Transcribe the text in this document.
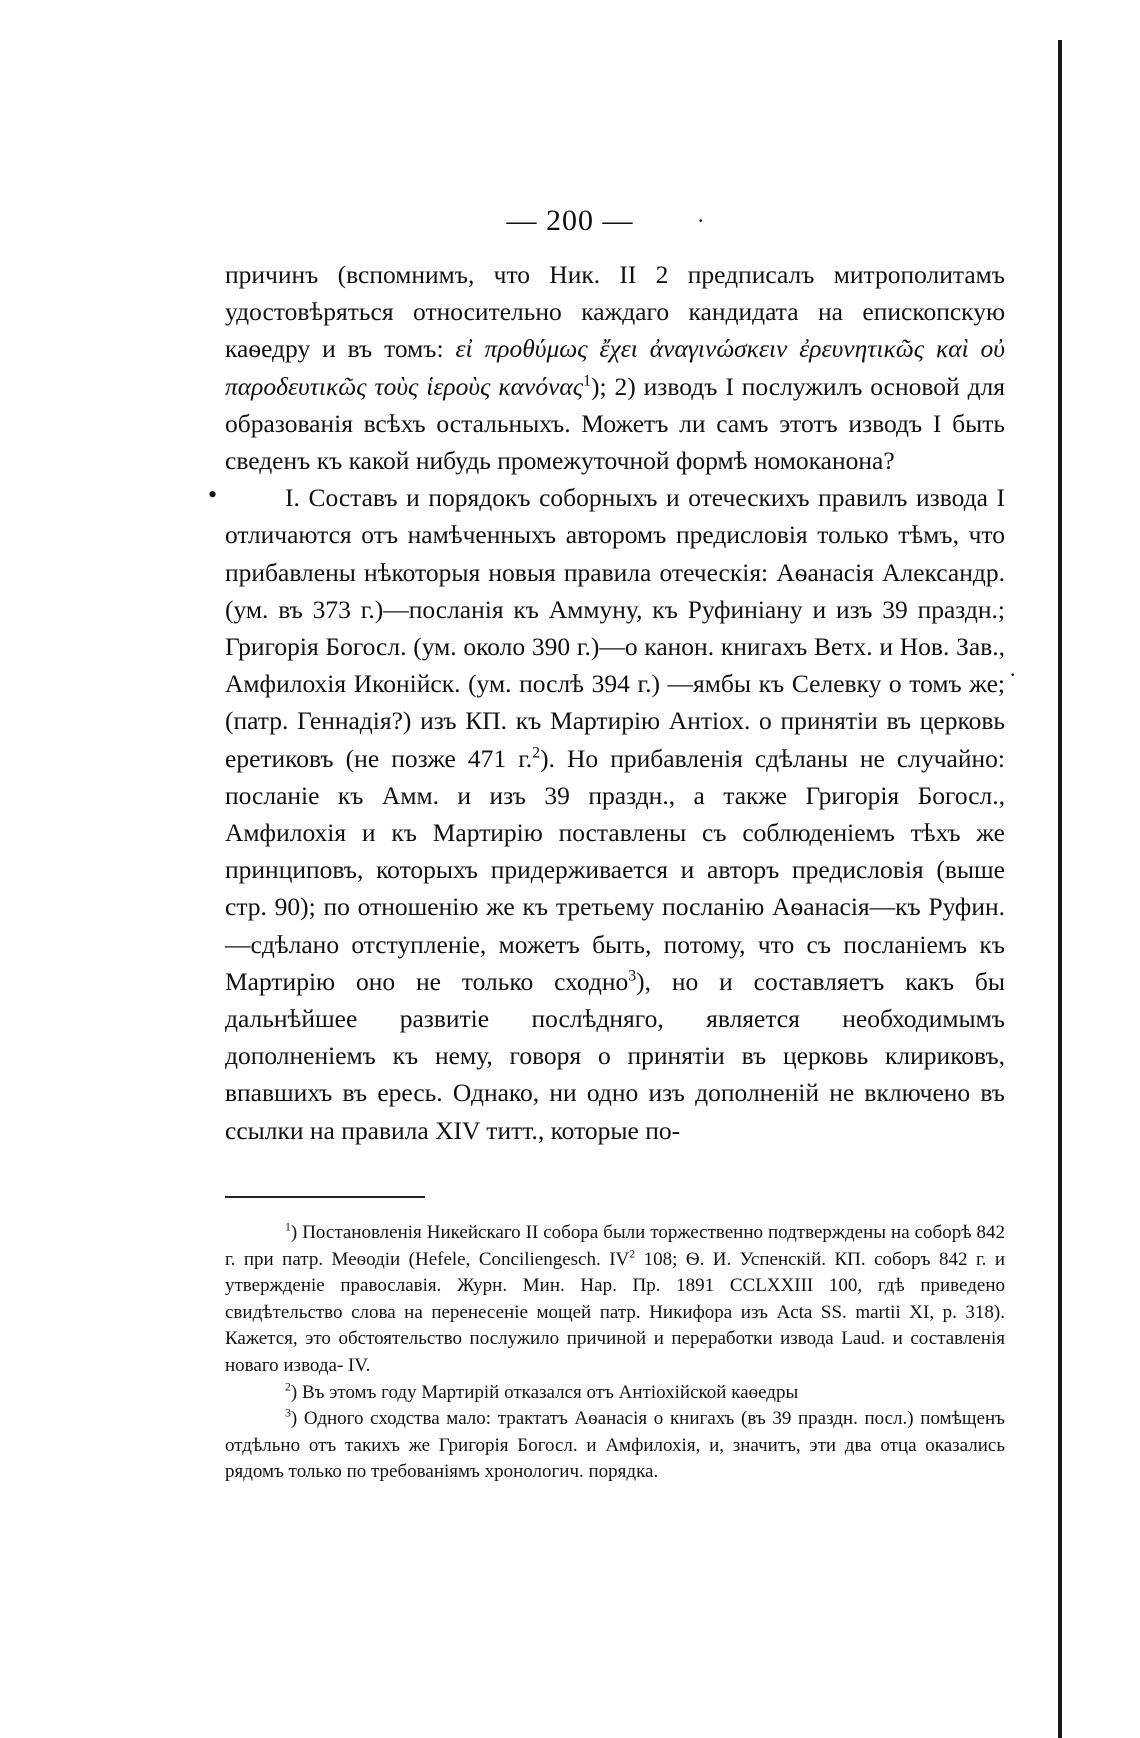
— 200 —	.
•
.

причинъ (вспомнимъ, что Ник. II 2 предписалъ митрополитамъ удостовѣряться относительно каждаго кандидата на епископскую каѳедру и въ томъ: εἰ προθύμως ἔχει ἀναγινώσκειν ἐρευνητικῶς καὶ οὐ παροδευτικῶς τοὺς ἱεροὺς κανόνας$^1$); 2) изводъ I послужилъ основой для образованія всѣхъ остальныхъ. Можетъ ли самъ этотъ изводъ I быть сведенъ къ какой нибудь промежуточной формѣ номоканона?

I. Составъ и порядокъ соборныхъ и отеческихъ правилъ извода I отличаются отъ намѣченныхъ авторомъ предисловія только тѣмъ, что прибавлены нѣкоторыя новыя правила отеческія: Аѳанасія Александр. (ум. въ 373 г.)—посланія къ Аммуну, къ Руфиніану и изъ 39 праздн.; Григорія Богосл. (ум. около 390 г.)—о канон. книгахъ Ветх. и Нов. Зав., Амфилохія Иконійск. (ум. послѣ 394 г.) —ямбы къ Селевку о томъ же; (патр. Геннадія?) изъ КП. къ Мартирію Антіох. о принятіи въ церковь еретиковъ (не позже 471 г.$^2$). Но прибавленія сдѣланы не случайно: посланіе къ Амм. и изъ 39 праздн., а также Григорія Богосл., Амфилохія и къ Мартирію поставлены съ соблюденіемъ тѣхъ же принциповъ, которыхъ придерживается и авторъ предисловія (выше стр. 90); по отношенію же къ третьему посланію Аѳанасія—къ Руфин.—сдѣлано отступленіе, можетъ быть, потому, что съ посланіемъ къ Мартирію оно не только сходно$^3$), но и составляетъ какъ бы дальнѣйшее развитіе послѣдняго, является необходимымъ дополненіемъ къ нему, говоря о принятіи въ церковь клириковъ, впавшихъ въ ересь. Однако, ни одно изъ дополненій не включено въ ссылки на правила XIV титт., которые по-

$^1$) Постановленія Никейскаго II собора были торжественно подтверждены на соборѣ 842 г. при патр. Меѳодіи (Hefele, Conciliengesch. $IV^2$ 108; Ѳ. И. Успенскій. КП. соборъ 842 г. и утвержденіе православія. Журн. Мин. Нар. Пр. 1891 CCLXXIII 100, гдѣ приведено свидѣтельство слова на перенесеніе мощей патр. Никифора изъ Acta SS. martii XI, p. 318). Кажется, это обстоятельство послужило причиной и переработки извода Laud. и составленія новаго извода- IV.

$^2$) Въ этомъ году Мартирій отказался отъ Антіохійской каѳедры

$^3$) Одного сходства мало: трактатъ Аѳанасія о книгахъ (въ 39 праздн. посл.) помѣщенъ отдѣльно отъ такихъ же Григорія Богосл. и Амфилохія, и, значитъ, эти два отца оказались рядомъ только по требованіямъ хронологич. порядка.
